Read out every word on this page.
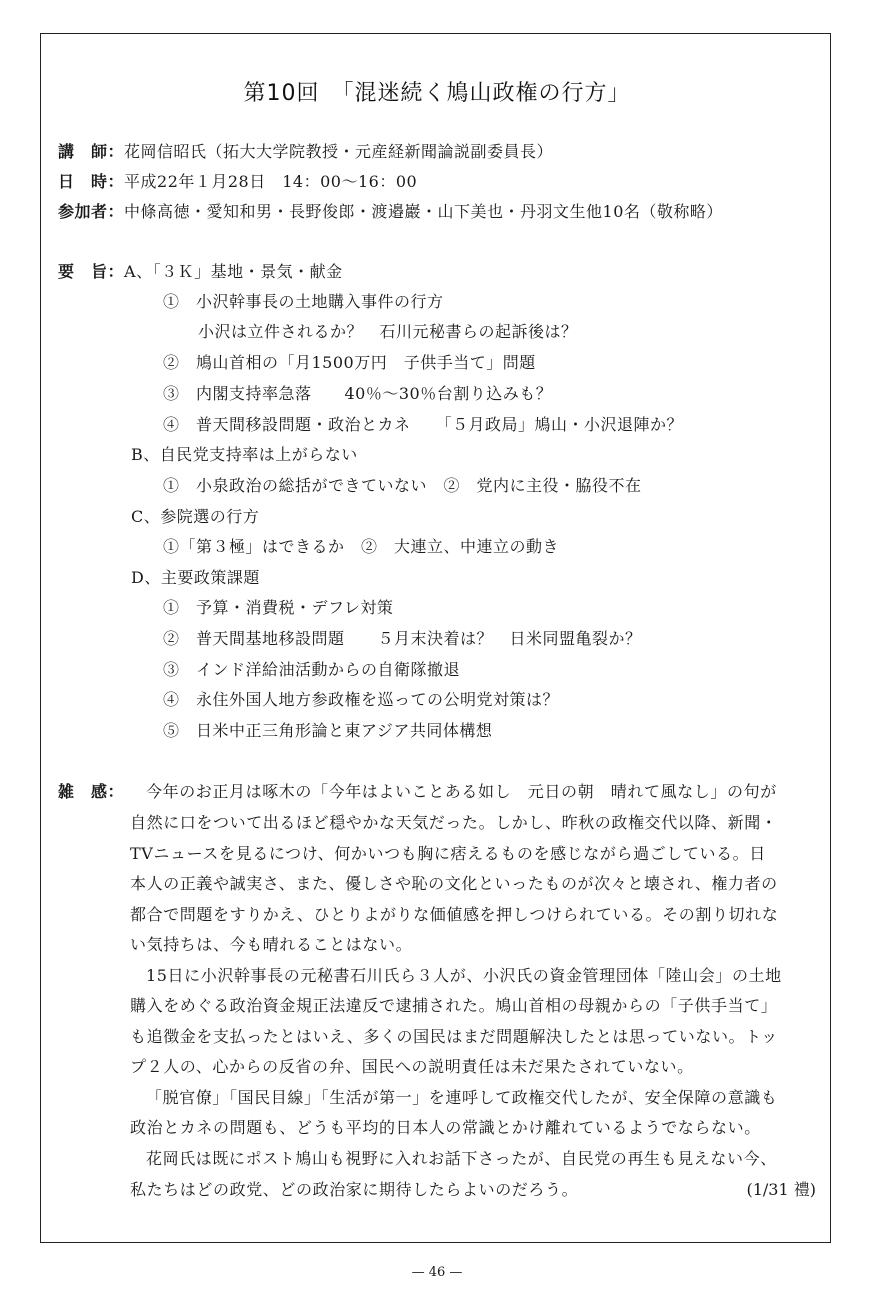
第10回　「混迷続く鳩山政権の行方」
講　師：花岡信昭氏（拓大大学院教授・元産経新聞論説副委員長）
日　時：平成22年１月28日　14：00〜16：00
参加者：中條高徳・愛知和男・長野俊郎・渡邉巖・山下美也・丹羽文生他10名（敬称略）
要　旨：A、「３Ｋ」基地・景気・献金
①　小沢幹事長の土地購入事件の行方
小沢は立件されるか？　石川元秘書らの起訴後は？
②　鳩山首相の「月1500万円　子供手当て」問題
③　内閣支持率急落　　40％〜30％台割り込みも？
④　普天間移設問題・政治とカネ　　「５月政局」鳩山・小沢退陣か？
B、自民党支持率は上がらない
①　小泉政治の総括ができていない　②　党内に主役・脇役不在
C、参院選の行方
①「第３極」はできるか　②　大連立、中連立の動き
D、主要政策課題
①　予算・消費税・デフレ対策
②　普天間基地移設問題　　５月末決着は？　日米同盟亀裂か？
③　インド洋給油活動からの自衛隊撤退
④　永住外国人地方参政権を巡っての公明党対策は？
⑤　日米中正三角形論と東アジア共同体構想
雑　感： 今年のお正月は啄木の「今年はよいことある如し　元日の朝　晴れて風なし」の句が
自然に口をついて出るほど穏やかな天気だった。しかし、昨秋の政権交代以降、新聞・
TVニュースを見るにつけ、何かいつも胸に痞えるものを感じながら過ごしている。日
本人の正義や誠実さ、また、優しさや恥の文化といったものが次々と壊され、権力者の
都合で問題をすりかえ、ひとりよがりな価値感を押しつけられている。その割り切れな
い気持ちは、今も晴れることはない。
15日に小沢幹事長の元秘書石川氏ら３人が、小沢氏の資金管理団体「陸山会」の土地
購入をめぐる政治資金規正法違反で逮捕された。鳩山首相の母親からの「子供手当て」
も追徴金を支払ったとはいえ、多くの国民はまだ問題解決したとは思っていない。トッ
プ２人の、心からの反省の弁、国民への説明責任は未だ果たされていない。
「脱官僚」「国民目線」「生活が第一」を連呼して政権交代したが、安全保障の意識も
政治とカネの問題も、どうも平均的日本人の常識とかけ離れているようでならない。
花岡氏は既にポスト鳩山も視野に入れお話下さったが、自民党の再生も見えない今、
私たちはどの政党、どの政治家に期待したらよいのだろう。	(1/31 禮)
— 46 —
